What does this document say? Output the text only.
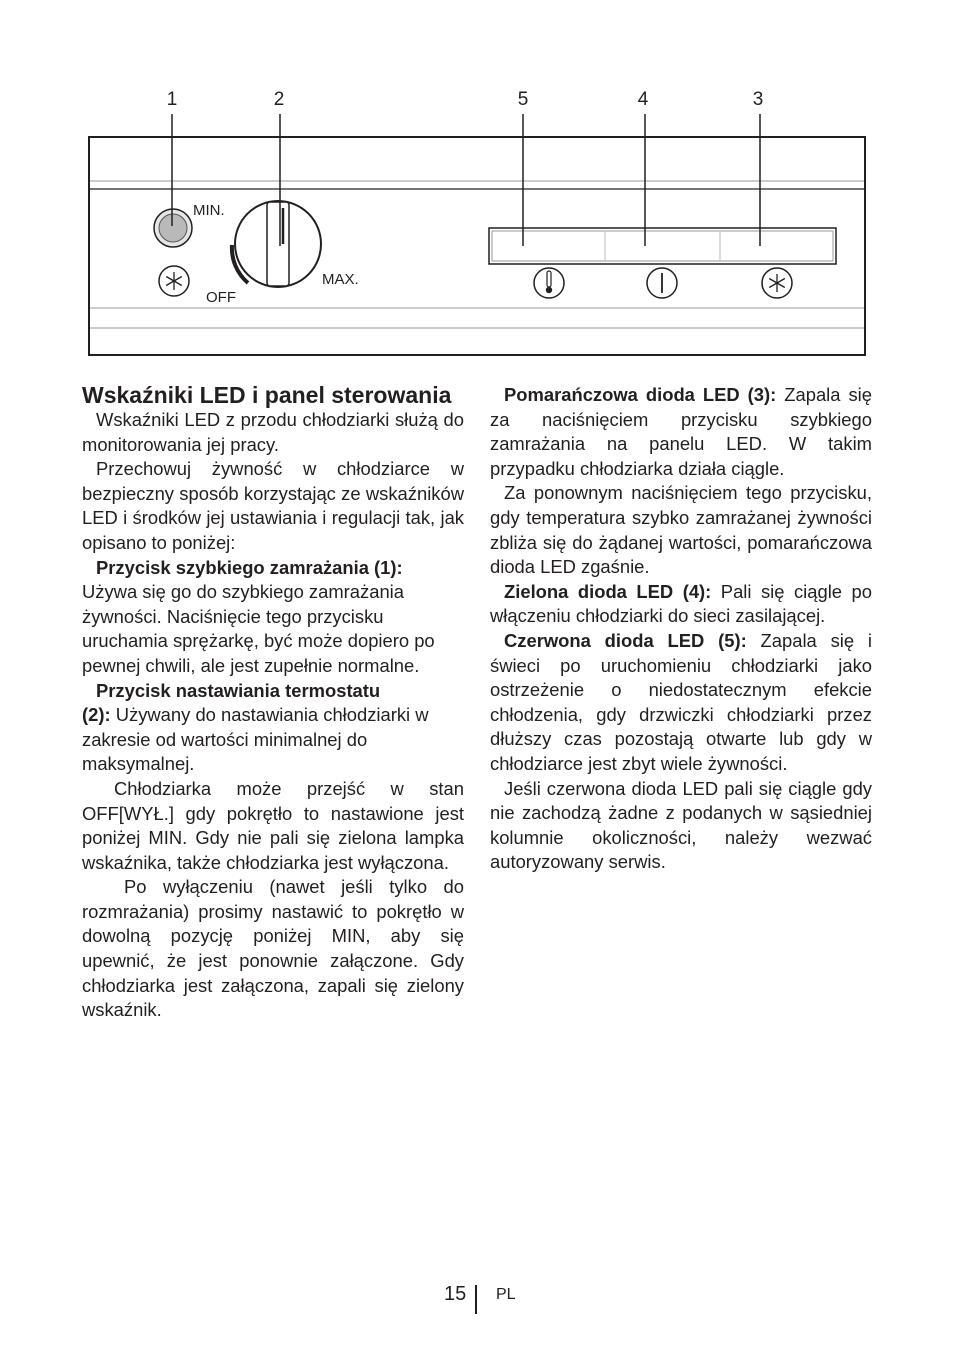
1	2	5	4	3
MIN.
MAX.
OFF

Wskaźniki LED i panel sterowania

Wskaźniki LED z przodu chłodziarki służą do monitorowania jej pracy.

Przechowuj żywność w chłodziarce w bezpieczny sposób korzystając ze wskaźników LED i środków jej ustawiania i regulacji tak, jak opisano to poniżej:

Przycisk szybkiego zamrażania (1):
Używa się go do szybkiego zamrażania żywności. Naciśnięcie tego przycisku uruchamia sprężarkę, być może dopiero po pewnej chwili, ale jest zupełnie normalne.

Przycisk nastawiania termostatu
(2): Używany do nastawiania chłodziarki w zakresie od wartości minimalnej do maksymalnej.

Chłodziarka może przejść w stan OFF[WYŁ.] gdy pokrętło to nastawione jest poniżej MIN. Gdy nie pali się zielona lampka wskaźnika, także chłodziarka jest wyłączona.

Po wyłączeniu (nawet jeśli tylko do rozmrażania) prosimy nastawić to pokrętło w dowolną pozycję poniżej MIN, aby się upewnić, że jest ponownie załączone. Gdy chłodziarka jest załączona, zapali się zielony wskaźnik.

Pomarańczowa dioda LED (3): Zapala się za naciśnięciem przycisku szybkiego zamrażania na panelu LED. W takim przypadku chłodziarka działa ciągle.

Za ponownym naciśnięciem tego przycisku, gdy temperatura szybko zamrażanej żywności zbliża się do żądanej wartości, pomarańczowa dioda LED zgaśnie.

Zielona dioda LED (4): Pali się ciągle po włączeniu chłodziarki do sieci zasilającej.

Czerwona dioda LED (5): Zapala się i świeci po uruchomieniu chłodziarki jako ostrzeżenie o niedostatecznym efekcie chłodzenia, gdy drzwiczki chłodziarki przez dłuższy czas pozostają otwarte lub gdy w chłodziarce jest zbyt wiele żywności.

Jeśli czerwona dioda LED pali się ciągle gdy nie zachodzą żadne z podanych w sąsiedniej kolumnie okoliczności, należy wezwać autoryzowany serwis.

15 PL
